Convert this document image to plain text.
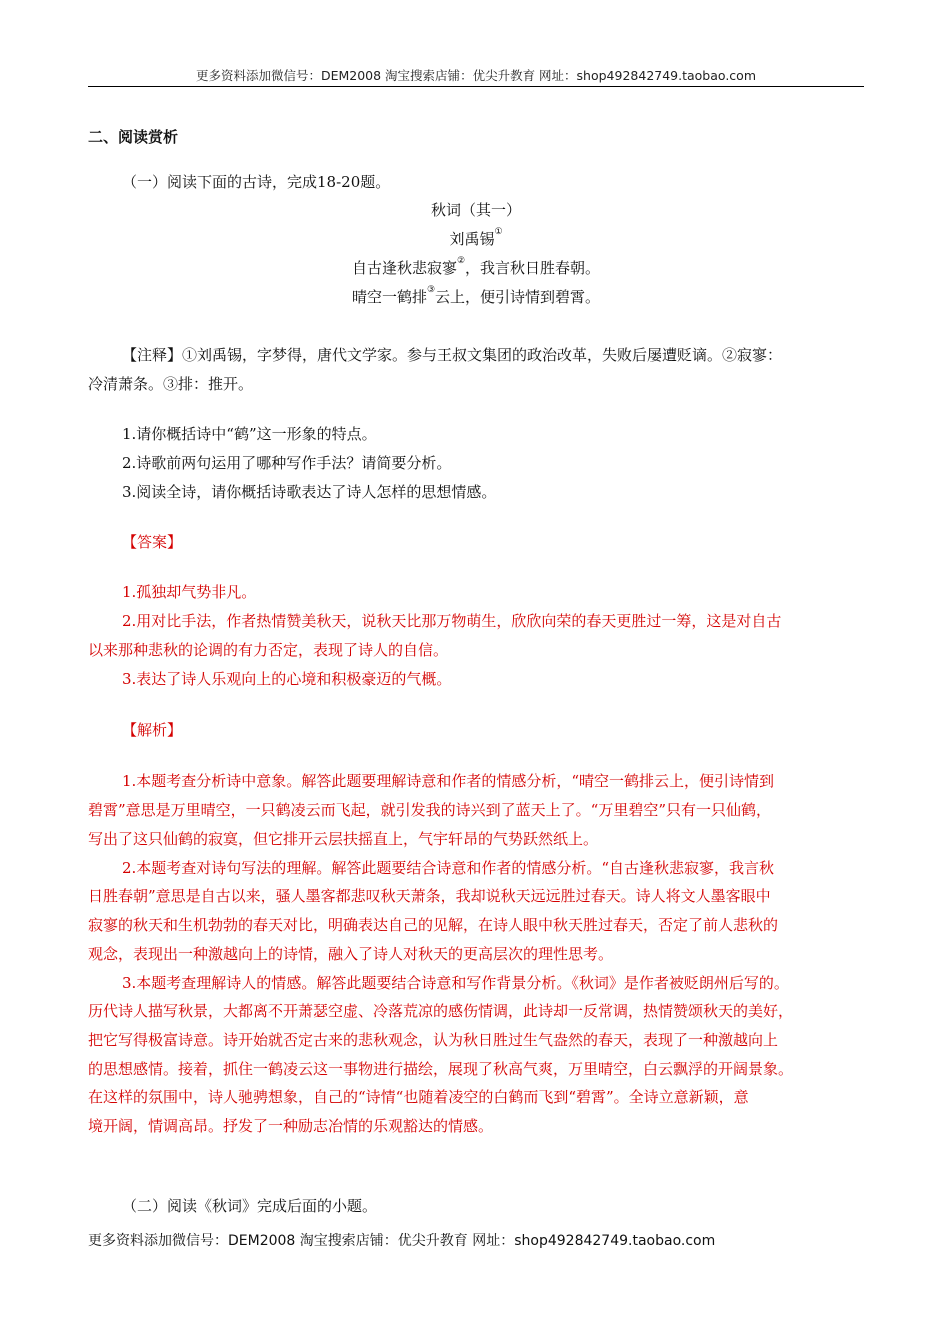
更多资料添加微信号：DEM2008 淘宝搜索店铺：优尖升教育 网址：shop492842749.taobao.com
二、阅读赏析
（一）阅读下面的古诗，完成18-20题。
秋词（其一）
刘禹锡①
自古逢秋悲寂寥②，我言秋日胜春朝。
晴空一鹤排③云上，便引诗情到碧霄。
【注释】①刘禹锡，字梦得，唐代文学家。参与王叔文集团的政治改革，失败后屡遭贬谪。②寂寥：
冷清萧条。③排：推开。
1.请你概括诗中“鹤”这一形象的特点。
2.诗歌前两句运用了哪种写作手法？请简要分析。
3.阅读全诗，请你概括诗歌表达了诗人怎样的思想情感。
【答案】
1.孤独却气势非凡。
2.用对比手法，作者热情赞美秋天，说秋天比那万物萌生，欣欣向荣的春天更胜过一筹，这是对自古
以来那种悲秋的论调的有力否定，表现了诗人的自信。
3.表达了诗人乐观向上的心境和积极豪迈的气概。
【解析】
1.本题考查分析诗中意象。解答此题要理解诗意和作者的情感分析，“晴空一鹤排云上，便引诗情到
碧霄”意思是万里晴空，一只鹤凌云而飞起，就引发我的诗兴到了蓝天上了。“万里碧空”只有一只仙鹤，
写出了这只仙鹤的寂寞，但它排开云层扶摇直上，气宇轩昂的气势跃然纸上。
2.本题考查对诗句写法的理解。解答此题要结合诗意和作者的情感分析。“自古逢秋悲寂寥，我言秋
日胜春朝”意思是自古以来，骚人墨客都悲叹秋天萧条，我却说秋天远远胜过春天。诗人将文人墨客眼中
寂寥的秋天和生机勃勃的春天对比，明确表达自己的见解，在诗人眼中秋天胜过春天，否定了前人悲秋的
观念，表现出一种激越向上的诗情，融入了诗人对秋天的更高层次的理性思考。
3.本题考查理解诗人的情感。解答此题要结合诗意和写作背景分析。《秋词》是作者被贬朗州后写的。
历代诗人描写秋景，大都离不开萧瑟空虚、冷落荒凉的感伤情调，此诗却一反常调，热情赞颂秋天的美好，
把它写得极富诗意。诗开始就否定古来的悲秋观念，认为秋日胜过生气盎然的春天，表现了一种激越向上
的思想感情。接着，抓住一鹤凌云这一事物进行描绘，展现了秋高气爽，万里晴空，白云飘浮的开阔景象。
在这样的氛围中，诗人驰骋想象，自己的“诗情“也随着凌空的白鹤而飞到“碧霄”。全诗立意新颖，意
境开阔，情调高昂。抒发了一种励志冶情的乐观豁达的情感。
（二）阅读《秋词》完成后面的小题。
更多资料添加微信号：DEM2008 淘宝搜索店铺：优尖升教育 网址：shop492842749.taobao.com
